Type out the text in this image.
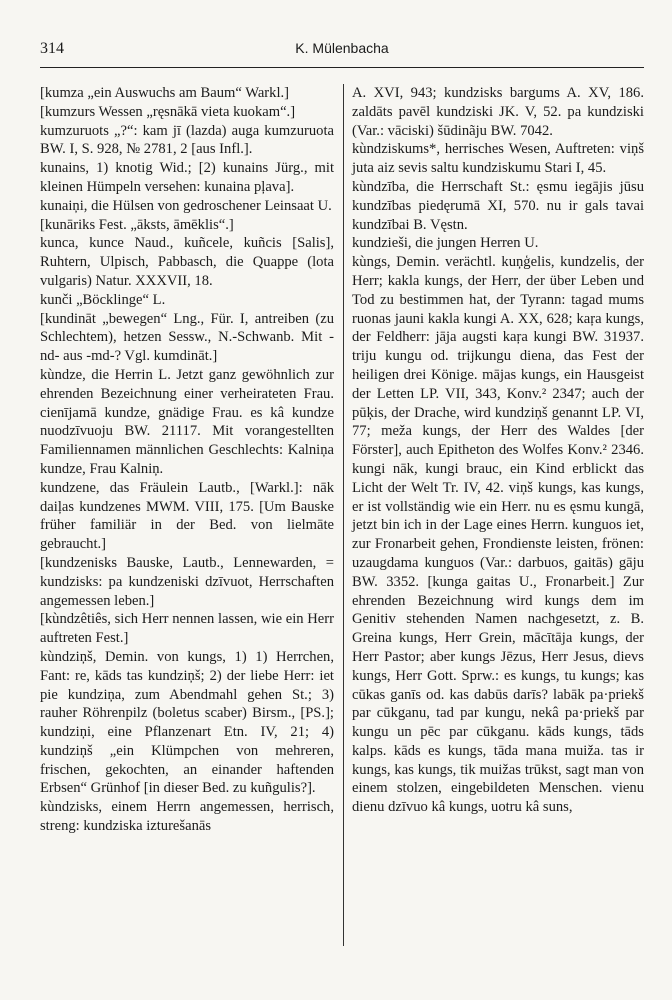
314	K. Mülenbacha

[kumza „ein Auswuchs am Baum“ Warkl.]

[kumzurs Wessen „ręsnākā vieta kuokam“.]

kumzuruots „?“: kam jī (lazda) auga kumzuruota BW. I, S. 928, № 2781, 2 [aus Infl.].

kunains, 1) knotig Wid.; [2) kunains Jürg., mit kleinen Hümpeln versehen: kunaina pļava].

kunaiņi, die Hülsen von gedroschener Leinsaat U.

[kunāriks Fest. „āksts, āmēklis“.]

kunca, kunce Naud., kuñcele, kuñcis [Salis], Ruhtern, Ulpisch, Pabbasch, die Quappe (lota vulgaris) Natur. XXXVII, 18.

kunči „Böcklinge“ L.

[kundināt „bewegen“ Lng., Für. I, antreiben (zu Schlechtem), hetzen Sessw., N.-Schwanb. Mit -nd- aus -md-? Vgl. kumdināt.]

kùndze, die Herrin L. Jetzt ganz gewöhnlich zur ehrenden Bezeichnung einer verheirateten Frau. cienījamā kundze, gnädige Frau. es kâ kundze nuodzīvuoju BW. 21117. Mit vorangestellten Familiennamen männlichen Geschlechts: Kalniņa kundze, Frau Kalniņ.

kundzene, das Fräulein Lautb., [Warkl.]: nāk daiļas kundzenes MWM. VIII, 175. [Um Bauske früher familiär in der Bed. von lielmāte gebraucht.]

[kundzenisks Bauske, Lautb., Lennewarden, = kundzisks: pa kundzeniski dzīvuot, Herrschaften angemessen leben.]

[kùndzêtiês, sich Herr nennen lassen, wie ein Herr auftreten Fest.]

kùndziņš, Demin. von kungs, 1) 1) Herrchen, Fant: re, kāds tas kundziņš; 2) der liebe Herr: iet pie kundziņa, zum Abendmahl gehen St.; 3) rauher Röhrenpilz (boletus scaber) Birsm., [PS.]; kundziņi, eine Pflanzenart Etn. IV, 21; 4) kundziņš „ein Klümpchen von mehreren, frischen, gekochten, an einander haftenden Erbsen“ Grünhof [in dieser Bed. zu kuñgulis?].

kùndzisks, einem Herrn angemessen, herrisch, streng: kundziska izturešanās

A. XVI, 943; kundzisks bargums A. XV, 186. zaldāts pavēl kundziski JK. V, 52. pa kundziski (Var.: vāciski) šūdinãju BW. 7042.

kùndziskums*, herrisches Wesen, Auftreten: viņš juta aiz sevis saltu kundziskumu Stari I, 45.

kùndzība, die Herrschaft St.: ęsmu iegājis jūsu kundzības piedęrumā XI, 570. nu ir gals tavai kundzībai B. Vęstn.

kundzieši, die jungen Herren U.

kùngs, Demin. verächtl. kuņģelis, kundzelis, der Herr; kakla kungs, der Herr, der über Leben und Tod zu bestimmen hat, der Tyrann: tagad mums ruonas jauni kakla kungi A. XX, 628; kaŗa kungs, der Feldherr: jāja augsti kaŗa kungi BW. 31937. triju kungu od. trijkungu diena, das Fest der heiligen drei Könige. mājas kungs, ein Hausgeist der Letten LP. VII, 343, Konv.² 2347; auch der pūķis, der Drache, wird kundziņš genannt LP. VI, 77; meža kungs, der Herr des Waldes [der Förster], auch Epitheton des Wolfes Konv.² 2346. kungi nāk, kungi brauc, ein Kind erblickt das Licht der Welt Tr. IV, 42. viņš kungs, kas kungs, er ist vollständig wie ein Herr. nu es ęsmu kungā, jetzt bin ich in der Lage eines Herrn. kunguos iet, zur Fronarbeit gehen, Frondienste leisten, frönen: uzaugdama kunguos (Var.: darbuos, gaitās) gāju BW. 3352. [kunga gaitas U., Fronarbeit.] Zur ehrenden Bezeichnung wird kungs dem im Genitiv stehenden Namen nachgesetzt, z. B. Greina kungs, Herr Grein, mācītāja kungs, der Herr Pastor; aber kungs Jēzus, Herr Jesus, dievs kungs, Herr Gott. Sprw.: es kungs, tu kungs; kas cūkas ganīs od. kas dabūs darīs? labāk pa·priekš par cūkganu, tad par kungu, nekâ pa·priekš par kungu un pēc par cūkganu. kāds kungs, tāds kalps. kāds es kungs, tāda mana muiža. tas ir kungs, kas kungs, tik muižas trūkst, sagt man von einem stolzen, eingebildeten Menschen. vienu dienu dzīvuo kâ kungs, uotru kâ suns,
